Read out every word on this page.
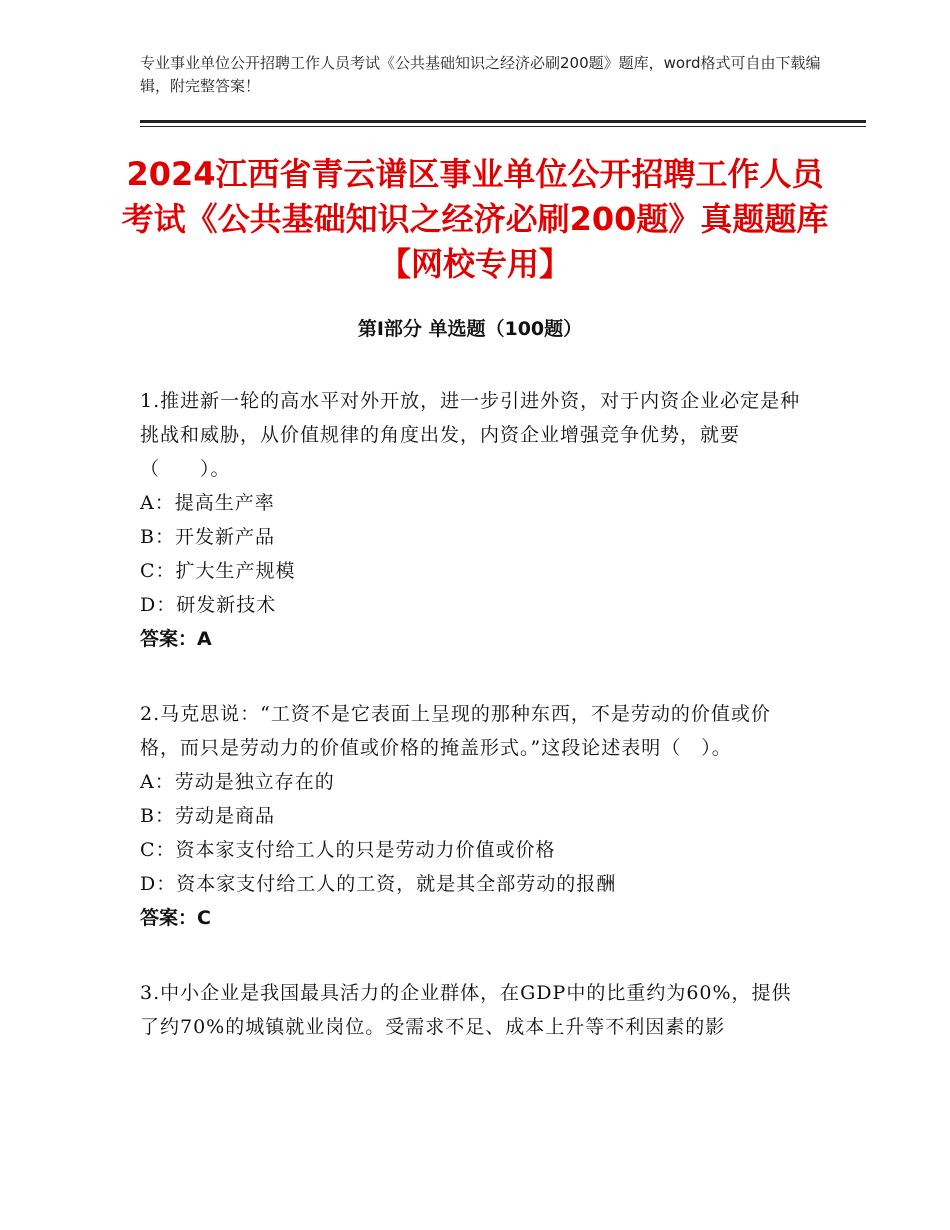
专业事业单位公开招聘工作人员考试《公共基础知识之经济必刷200题》题库，word格式可自由下载编辑，附完整答案！
2024江西省青云谱区事业单位公开招聘工作人员考试《公共基础知识之经济必刷200题》真题题库【网校专用】
第Ⅰ部分 单选题（100题）

1.推进新一轮的高水平对外开放，进一步引进外资，对于内资企业必定是种挑战和威胁，从价值规律的角度出发，内资企业增强竞争优势，就要（　　）。

A：提高生产率

B：开发新产品

C：扩大生产规模

D：研发新技术

答案：A

2.马克思说：“工资不是它表面上呈现的那种东西，不是劳动的价值或价格，而只是劳动力的价值或价格的掩盖形式。”这段论述表明（　）。

A：劳动是独立存在的

B：劳动是商品

C：资本家支付给工人的只是劳动力价值或价格

D：资本家支付给工人的工资，就是其全部劳动的报酬

答案：C

3.中小企业是我国最具活力的企业群体，在GDP中的比重约为60%，提供了约70%的城镇就业岗位。受需求不足、成本上升等不利因素的影
